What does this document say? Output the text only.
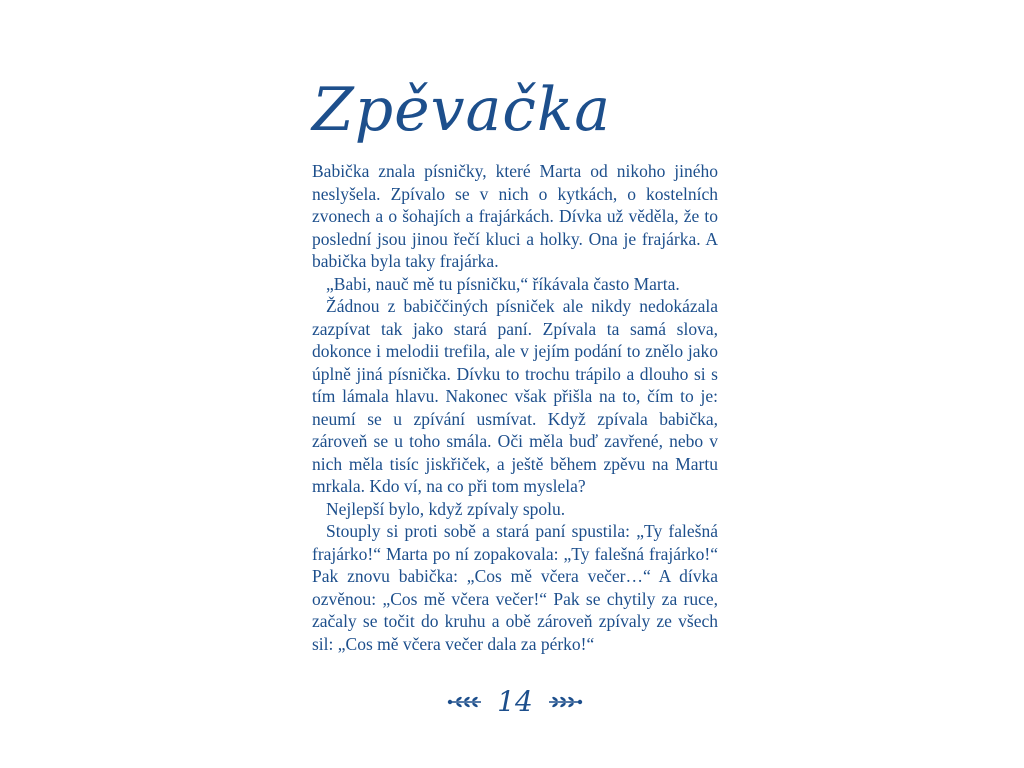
Zpěvačka

Babička znala písničky, které Marta od nikoho jiného neslyšela. Zpívalo se v nich o kytkách, o kostelních zvonech a o šohajích a frajárkách. Dívka už věděla, že to poslední jsou jinou řečí kluci a holky. Ona je frajárka. A babička byla taky frajárka.

„Babi, nauč mě tu písničku,“ říkávala často Marta.

Žádnou z babiččiných písniček ale nikdy nedokázala zazpívat tak jako stará paní. Zpívala ta samá slova, dokonce i melodii trefila, ale v jejím podání to znělo jako úplně jiná písnička. Dívku to trochu trápilo a dlouho si s tím lámala hlavu. Nakonec však přišla na to, čím to je: neumí se u zpívání usmívat. Když zpívala babička, zároveň se u toho smála. Oči měla buď zavřené, nebo v nich měla tisíc jiskřiček, a ještě během zpěvu na Martu mrkala. Kdo ví, na co při tom myslela?

Nejlepší bylo, když zpívaly spolu.

Stouply si proti sobě a stará paní spustila: „Ty falešná frajárko!“ Marta po ní zopakovala: „Ty falešná frajárko!“ Pak znovu babička: „Cos mě včera večer…“ A dívka ozvěnou: „Cos mě včera večer!“ Pak se chytily za ruce, začaly se točit do kruhu a obě zároveň zpívaly ze všech sil: „Cos mě včera večer dala za pérko!“

14
